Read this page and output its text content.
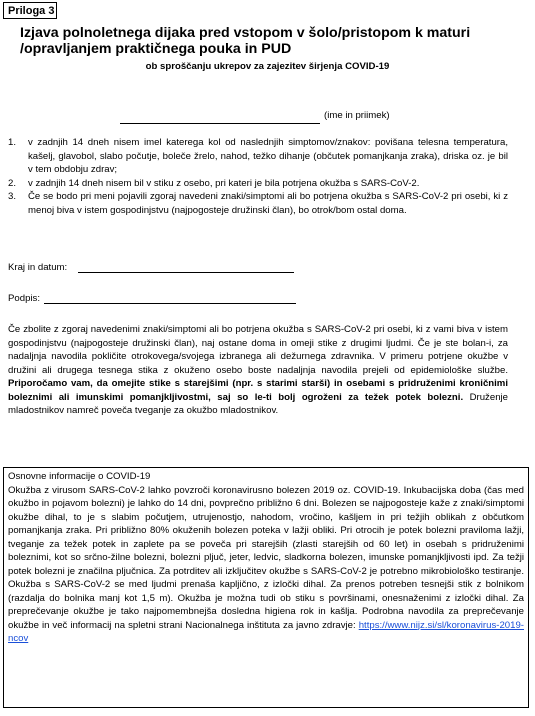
Priloga 3
Izjava polnoletnega dijaka pred vstopom v šolo/pristopom k maturi /opravljanjem praktičnega pouka in PUD
ob sproščanju ukrepov za zajezitev širjenja COVID-19
(ime in priimek)
1. v zadnjih 14 dneh nisem imel katerega kol od naslednjih simptomov/znakov: povišana telesna temperatura, kašelj, glavobol, slabo počutje, boleče žrelo, nahod, težko dihanje (občutek pomanjkanja zraka), driska oz. je bil v tem obdobju zdrav;
2. v zadnjih 14 dneh nisem bil v stiku z osebo, pri kateri je bila potrjena okužba s SARS-CoV-2.
3. Če se bodo pri meni pojavili zgoraj navedeni znaki/simptomi ali bo potrjena okužba s SARS-CoV-2 pri osebi, ki z menoj biva v istem gospodinjstvu (najpogosteje družinski član), bo otrok/bom ostal doma.
Kraj in datum:
Podpis:

Če zbolite z zgoraj navedenimi znaki/simptomi ali bo potrjena okužba s SARS-CoV-2 pri osebi, ki z vami biva v istem gospodinjstvu (najpogosteje družinski član), naj ostane doma in omeji stike z drugimi ljudmi. Če je ste bolan-i, za nadaljnja navodila pokličite otrokovega/svojega izbranega ali dežurnega zdravnika. V primeru potrjene okužbe v družini ali drugega tesnega stika z okuženo osebo boste nadaljnja navodila prejeli od epidemiološke službe. Priporočamo vam, da omejite stike s starejšimi (npr. s starimi starši) in osebami s pridruženimi kroničnimi boleznimi ali imunskimi pomanjkljivostmi, saj so le-ti bolj ogroženi za težek potek bolezni. Druženje mladostnikov namreč poveča tveganje za okužbo mladostnikov.

Osnovne informacije o COVID-19

Okužba z virusom SARS-CoV-2 lahko povzroči koronavirusno bolezen 2019 oz. COVID-19. Inkubacijska doba (čas med okužbo in pojavom bolezni) je lahko do 14 dni, povprečno približno 6 dni. Bolezen se najpogosteje kaže z znaki/simptomi okužbe dihal, to je s slabim počutjem, utrujenostjo, nahodom, vročino, kašljem in pri težjih oblikah z občutkom pomanjkanja zraka. Pri približno 80% okuženih bolezen poteka v lažji obliki. Pri otrocih je potek bolezni praviloma lažji, tveganje za težek potek in zaplete pa se poveča pri starejših (zlasti starejših od 60 let) in osebah s pridruženimi boleznimi, kot so srčno-žilne bolezni, bolezni pljuč, jeter, ledvic, sladkorna bolezen, imunske pomanjkljivosti ipd. Za težji potek bolezni je značilna pljučnica. Za potrditev ali izključitev okužbe s SARS-CoV-2 je potrebno mikrobiološko testiranje. Okužba s SARS-CoV-2 se med ljudmi prenaša kapljično, z izločki dihal. Za prenos potreben tesnejši stik z bolnikom (razdalja do bolnika manj kot 1,5 m). Okužba je možna tudi ob stiku s površinami, onesnaženimi z izločki dihal. Za preprečevanje okužbe je tako najpomembnejša dosledna higiena rok in kašlja. Podrobna navodila za preprečevanje okužbe in več informacij na spletni strani Nacionalnega inštituta za javno zdravje: https://www.nijz.si/sl/koronavirus-2019-ncov
